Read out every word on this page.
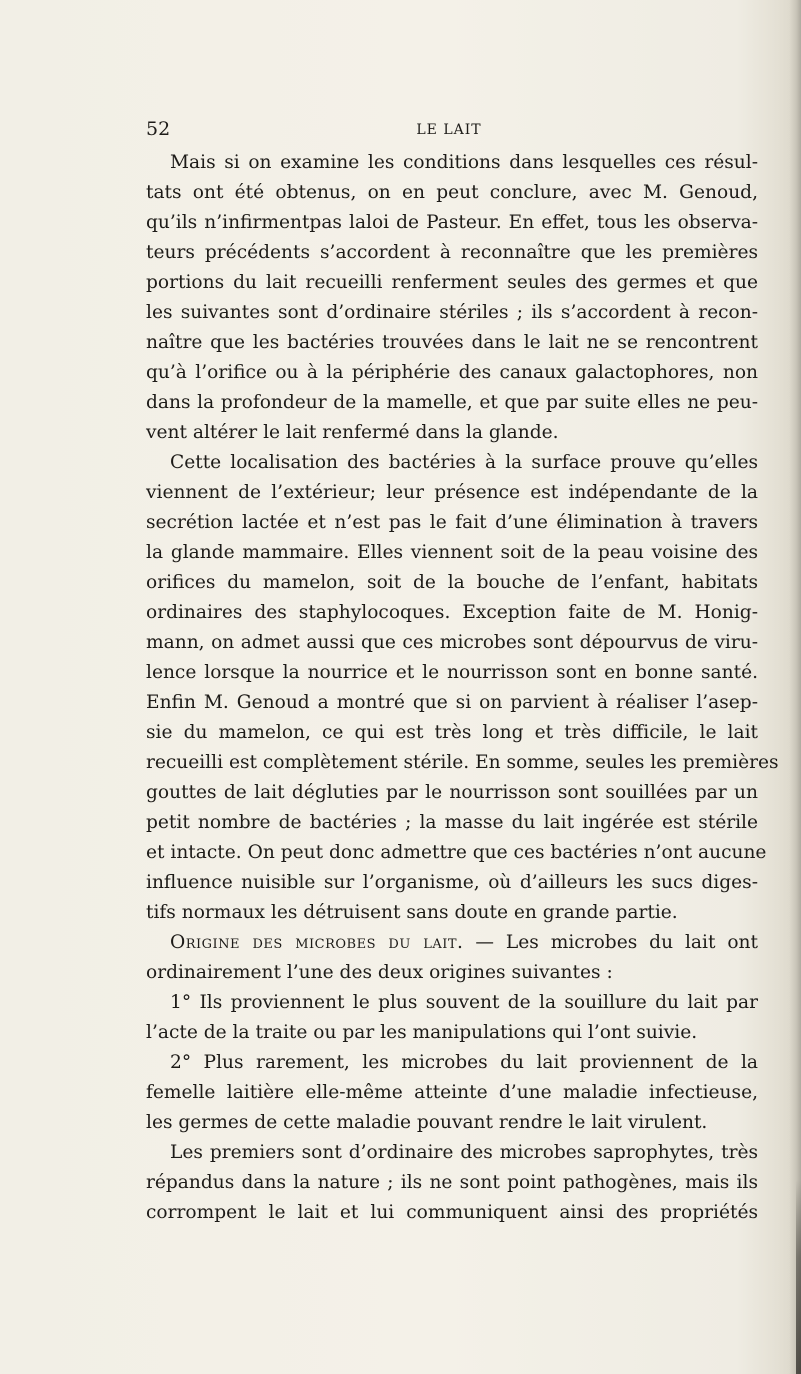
52	LE LAIT
Mais si on examine les conditions dans lesquelles ces résul-
tats ont été obtenus, on en peut conclure, avec M. Genoud,
qu’ils n’infirmentpas laloi de Pasteur. En effet, tous les observa-
teurs précédents s’accordent à reconnaître que les premières
portions du lait recueilli renferment seules des germes et que
les suivantes sont d’ordinaire stériles ; ils s’accordent à recon-
naître que les bactéries trouvées dans le lait ne se rencontrent
qu’à l’orifice ou à la périphérie des canaux galactophores, non
dans la profondeur de la mamelle, et que par suite elles ne peu-
vent altérer le lait renfermé dans la glande.
Cette localisation des bactéries à la surface prouve qu’elles
viennent de l’extérieur; leur présence est indépendante de la
secrétion lactée et n’est pas le fait d’une élimination à travers
la glande mammaire. Elles viennent soit de la peau voisine des
orifices du mamelon, soit de la bouche de l’enfant, habitats
ordinaires des staphylocoques. Exception faite de M. Honig-
mann, on admet aussi que ces microbes sont dépourvus de viru-
lence lorsque la nourrice et le nourrisson sont en bonne santé.
Enfin M. Genoud a montré que si on parvient à réaliser l’asep-
sie du mamelon, ce qui est très long et très difficile, le lait
recueilli est complètement stérile. En somme, seules les premières
gouttes de lait dégluties par le nourrisson sont souillées par un
petit nombre de bactéries ; la masse du lait ingérée est stérile
et intacte. On peut donc admettre que ces bactéries n’ont aucune
influence nuisible sur l’organisme, où d’ailleurs les sucs diges-
tifs normaux les détruisent sans doute en grande partie.
Origine des microbes du lait. — Les microbes du lait ont
ordinairement l’une des deux origines suivantes :
1° Ils proviennent le plus souvent de la souillure du lait par
l’acte de la traite ou par les manipulations qui l’ont suivie.
2° Plus rarement, les microbes du lait proviennent de la
femelle laitière elle-même atteinte d’une maladie infectieuse,
les germes de cette maladie pouvant rendre le lait virulent.
Les premiers sont d’ordinaire des microbes saprophytes, très
répandus dans la nature ; ils ne sont point pathogènes, mais ils
corrompent le lait et lui communiquent ainsi des propriétés
